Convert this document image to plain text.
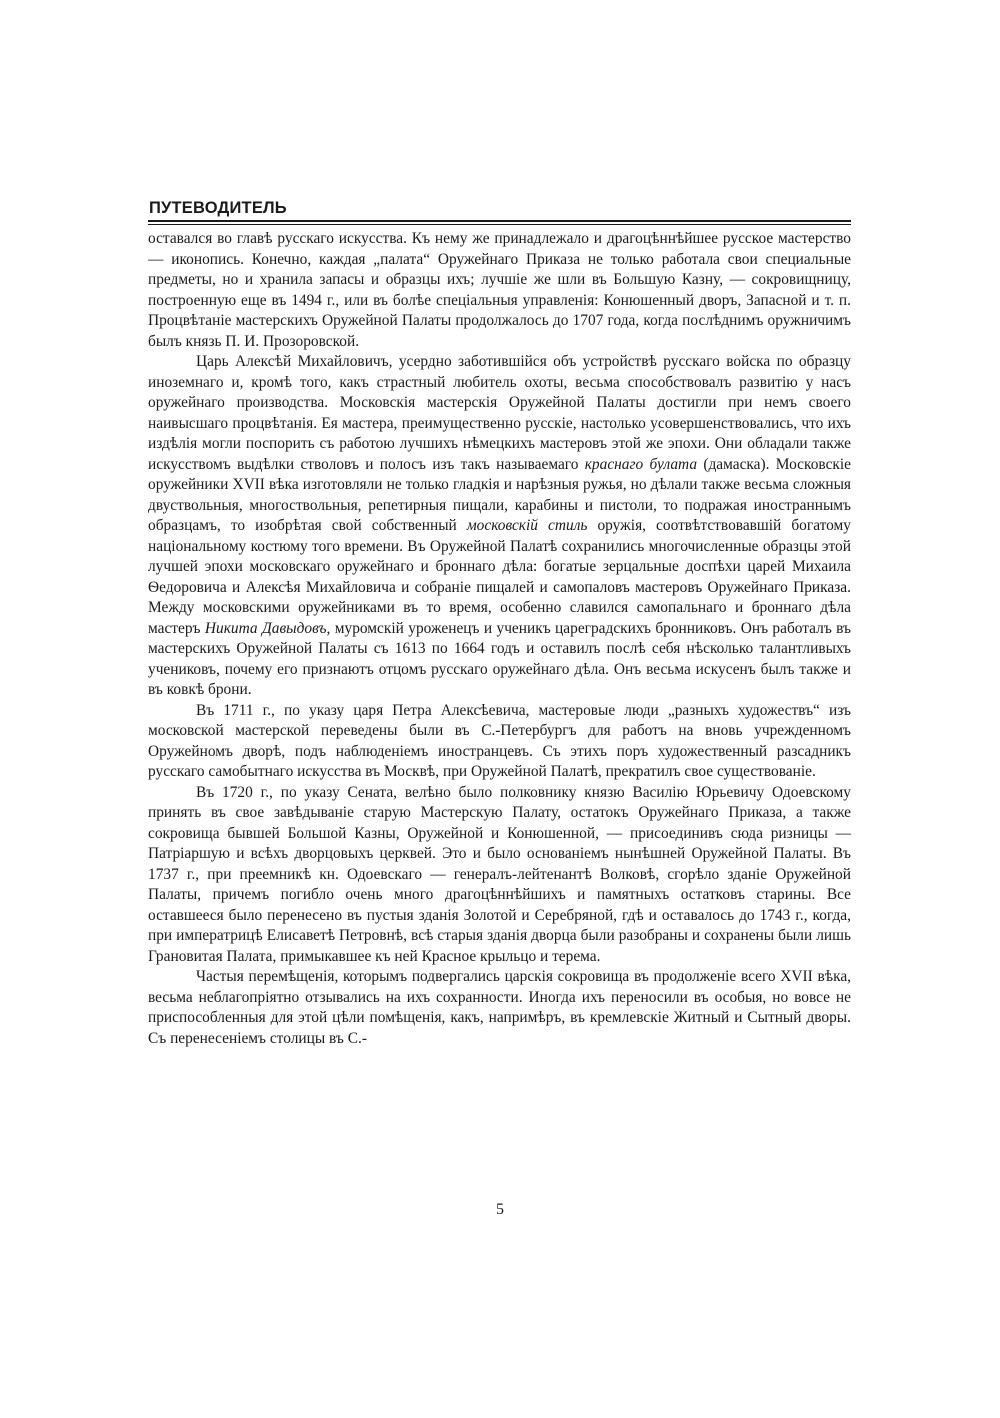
ПУТЕВОДИТЕЛЬ

оставался во главѣ русскаго искусства. Къ нему же принадлежало и драгоцѣннѣйшее русское мастерство — иконопись. Конечно, каждая „палата“ Оружейнаго Приказа не только работала свои специальные предметы, но и хранила запасы и образцы ихъ; лучшіе же шли въ Большую Казну, — сокровищницу, построенную еще въ 1494 г., или въ болѣе спеціальныя управленія: Конюшенный дворъ, Запасной и т. п. Процвѣтаніе мастерскихъ Оружейной Палаты продолжалось до 1707 года, когда послѣднимъ оружничимъ былъ князь П. И. Прозоровской.

Царь Алексѣй Михайловичъ, усердно заботившійся объ устройствѣ русскаго войска по образцу иноземнаго и, кромѣ того, какъ страстный любитель охоты, весьма способствовалъ развитію у насъ оружейнаго производства. Московскія мастерскія Оружейной Палаты достигли при немъ своего наивысшаго процвѣтанія. Ея мастера, преимущественно русскіе, настолько усовершенствовались, что ихъ издѣлія могли поспорить съ работою лучшихъ нѣмецкихъ мастеровъ этой же эпохи. Они обладали также искусствомъ выдѣлки стволовъ и полосъ изъ такъ называемаго краснаго булата (дамаска). Московскіе оружейники XVII вѣка изготовляли не только гладкія и нарѣзныя ружья, но дѣлали также весьма сложныя двуствольныя, многоствольныя, репетирныя пищали, карабины и пистоли, то подражая иностраннымъ образцамъ, то изобрѣтая свой собственный московскій стиль оружія, соотвѣтствовавшій богатому національному костюму того времени. Въ Оружейной Палатѣ сохранились многочисленные образцы этой лучшей эпохи московскаго оружейнаго и броннаго дѣла: богатые зерцальные доспѣхи царей Михаила Ѳедоровича и Алексѣя Михайловича и собраніе пищалей и самопаловъ мастеровъ Оружейнаго Приказа. Между московскими оружейниками въ то время, особенно славился самопальнаго и броннаго дѣла мастеръ Никита Давыдовъ, муромскій уроженецъ и ученикъ цареградскихъ бронниковъ. Онъ работалъ въ мастерскихъ Оружейной Палаты съ 1613 по 1664 годъ и оставилъ послѣ себя нѣсколько талантливыхъ учениковъ, почему его признаютъ отцомъ русскаго оружейнаго дѣла. Онъ весьма искусенъ былъ также и въ ковкѣ брони.

Въ 1711 г., по указу царя Петра Алексѣевича, мастеровые люди „разныхъ художествъ“ изъ московской мастерской переведены были въ С.-Петербургъ для работъ на вновь учрежденномъ Оружейномъ дворѣ, подъ наблюденіемъ иностранцевъ. Съ этихъ поръ художественный разсадникъ русскаго самобытнаго искусства въ Москвѣ, при Оружейной Палатѣ, прекратилъ свое существованіе.

Въ 1720 г., по указу Сената, велѣно было полковнику князю Василію Юрьевичу Одоевскому принять въ свое завѣдываніе старую Мастерскую Палату, остатокъ Оружейнаго Приказа, а также сокровища бывшей Большой Казны, Оружейной и Конюшенной, — присоединивъ сюда ризницы — Патріаршую и всѣхъ дворцовыхъ церквей. Это и было основаніемъ нынѣшней Оружейной Палаты. Въ 1737 г., при преемникѣ кн. Одоевскаго — генералъ-лейтенантѣ Волковѣ, сгорѣло зданіе Оружейной Палаты, причемъ погибло очень много драгоцѣннѣйшихъ и памятныхъ остатковъ старины. Все оставшееся было перенесено въ пустыя зданія Золотой и Серебряной, гдѣ и оставалось до 1743 г., когда, при императрицѣ Елисаветѣ Петровнѣ, всѣ старыя зданія дворца были разобраны и сохранены были лишь Грановитая Палата, примыкавшее къ ней Красное крыльцо и терема.

Частыя перемѣщенія, которымъ подвергались царскія сокровища въ продолженіе всего XVII вѣка, весьма неблагопріятно отзывались на ихъ сохранности. Иногда ихъ переносили въ особыя, но вовсе не приспособленныя для этой цѣли помѣщенія, какъ, напримѣръ, въ кремлевскіе Житный и Сытный дворы. Съ перенесеніемъ столицы въ С.-

5
